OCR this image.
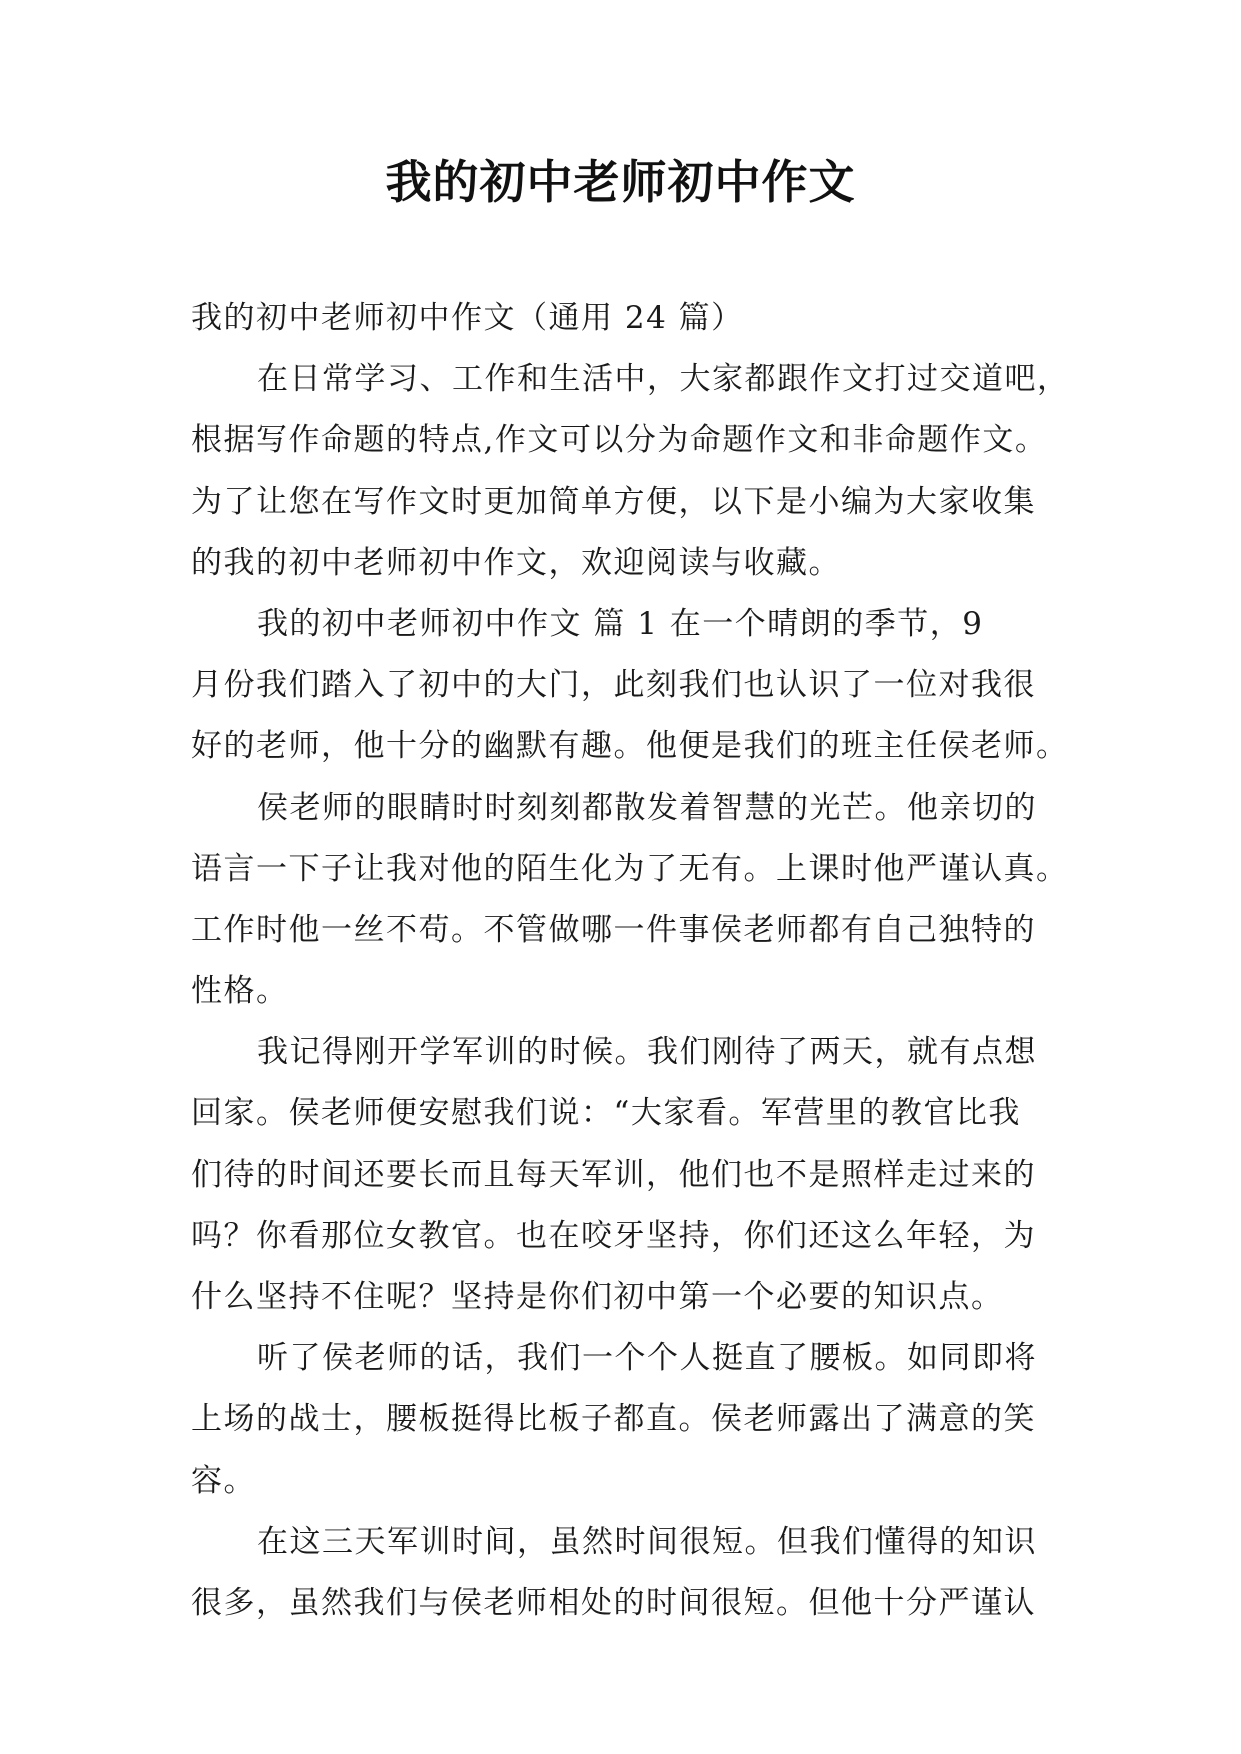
我的初中老师初中作文
我的初中老师初中作文（通用 24 篇）
在日常学习、工作和生活中，大家都跟作文打过交道吧，
根据写作命题的特点,作文可以分为命题作文和非命题作文。
为了让您在写作文时更加简单方便，以下是小编为大家收集
的我的初中老师初中作文，欢迎阅读与收藏。
我的初中老师初中作文 篇 1 在一个晴朗的季节，9
月份我们踏入了初中的大门，此刻我们也认识了一位对我很
好的老师，他十分的幽默有趣。他便是我们的班主任侯老师。
侯老师的眼睛时时刻刻都散发着智慧的光芒。他亲切的
语言一下子让我对他的陌生化为了无有。上课时他严谨认真。
工作时他一丝不苟。不管做哪一件事侯老师都有自己独特的
性格。
我记得刚开学军训的时候。我们刚待了两天，就有点想
回家。侯老师便安慰我们说：“大家看。军营里的教官比我
们待的时间还要长而且每天军训，他们也不是照样走过来的
吗？你看那位女教官。也在咬牙坚持，你们还这么年轻，为
什么坚持不住呢？坚持是你们初中第一个必要的知识点。
听了侯老师的话，我们一个个人挺直了腰板。如同即将
上场的战士，腰板挺得比板子都直。侯老师露出了满意的笑
容。
在这三天军训时间，虽然时间很短。但我们懂得的知识
很多，虽然我们与侯老师相处的时间很短。但他十分严谨认
